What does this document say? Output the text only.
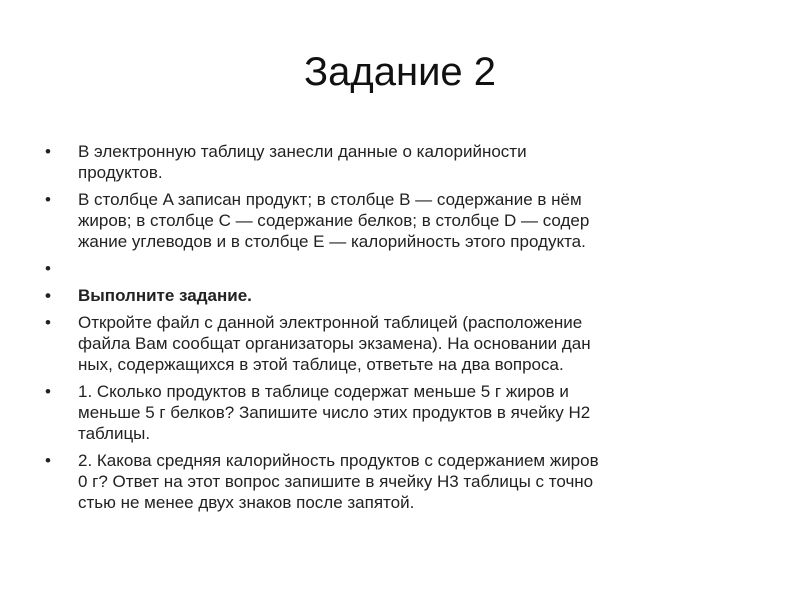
Задание 2
• В электронную таблицу занесли данные о калорийности
продуктов.
• В столбце A записан продукт; в столбце B — содержание в нём
жиров; в столбце C — содержание белков; в столбце D — содер
жание углеводов и в столбце E — калорийность этого продукта.
•
• Выполните задание.
• Откройте файл с данной электронной таблицей (расположение
файла Вам сообщат организаторы экзамена). На основании дан
ных, содержащихся в этой таблице, ответьте на два вопроса.
• 1. Сколько продуктов в таблице содержат меньше 5 г жиров и
меньше 5 г белков? Запишите число этих продуктов в ячейку H2
таблицы.
• 2. Какова средняя калорийность продуктов с содержанием жиров
0 г? Ответ на этот вопрос запишите в ячейку H3 таблицы с точно
стью не менее двух знаков после запятой.
